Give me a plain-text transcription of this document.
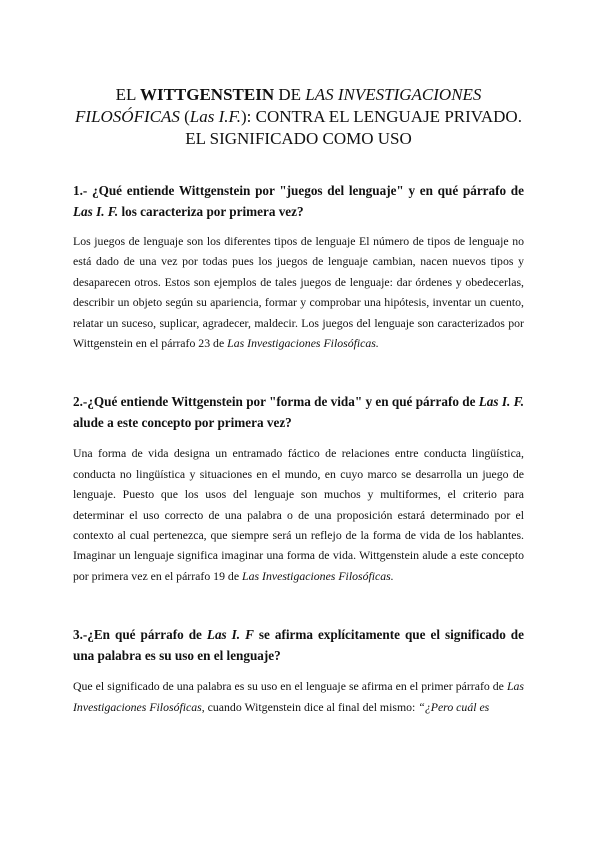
EL WITTGENSTEIN DE LAS INVESTIGACIONES
FILOSÓFICAS (Las I.F.): CONTRA EL LENGUAJE PRIVADO.
EL SIGNIFICADO COMO USO

1.- ¿Qué entiende Wittgenstein por "juegos del lenguaje" y en qué párrafo de Las I. F. los caracteriza por primera vez?

Los juegos de lenguaje son los diferentes tipos de lenguaje El número de tipos de lenguaje no está dado de una vez por todas pues los juegos de lenguaje cambian, nacen nuevos tipos y desaparecen otros. Estos son ejemplos de tales juegos de lenguaje: dar órdenes y obedecerlas, describir un objeto según su apariencia, formar y comprobar una hipótesis, inventar un cuento, relatar un suceso, suplicar, agradecer, maldecir. Los juegos del lenguaje son caracterizados por Wittgenstein en el párrafo 23 de Las Investigaciones Filosóficas.

2.-¿Qué entiende Wittgenstein por "forma de vida" y en qué párrafo de Las I. F. alude a este concepto por primera vez?

Una forma de vida designa un entramado fáctico de relaciones entre conducta lingüística, conducta no lingüística y situaciones en el mundo, en cuyo marco se desarrolla un juego de lenguaje. Puesto que los usos del lenguaje son muchos y multiformes, el criterio para determinar el uso correcto de una palabra o de una proposición estará determinado por el contexto al cual pertenezca, que siempre será un reflejo de la forma de vida de los hablantes. Imaginar un lenguaje significa imaginar una forma de vida. Wittgenstein alude a este concepto por primera vez en el párrafo 19 de Las Investigaciones Filosóficas.

3.-¿En qué párrafo de Las I. F se afirma explícitamente que el significado de una palabra es su uso en el lenguaje?

Que el significado de una palabra es su uso en el lenguaje se afirma en el primer párrafo de Las Investigaciones Filosóficas, cuando Witgenstein dice al final del mismo: “¿Pero cuál es
